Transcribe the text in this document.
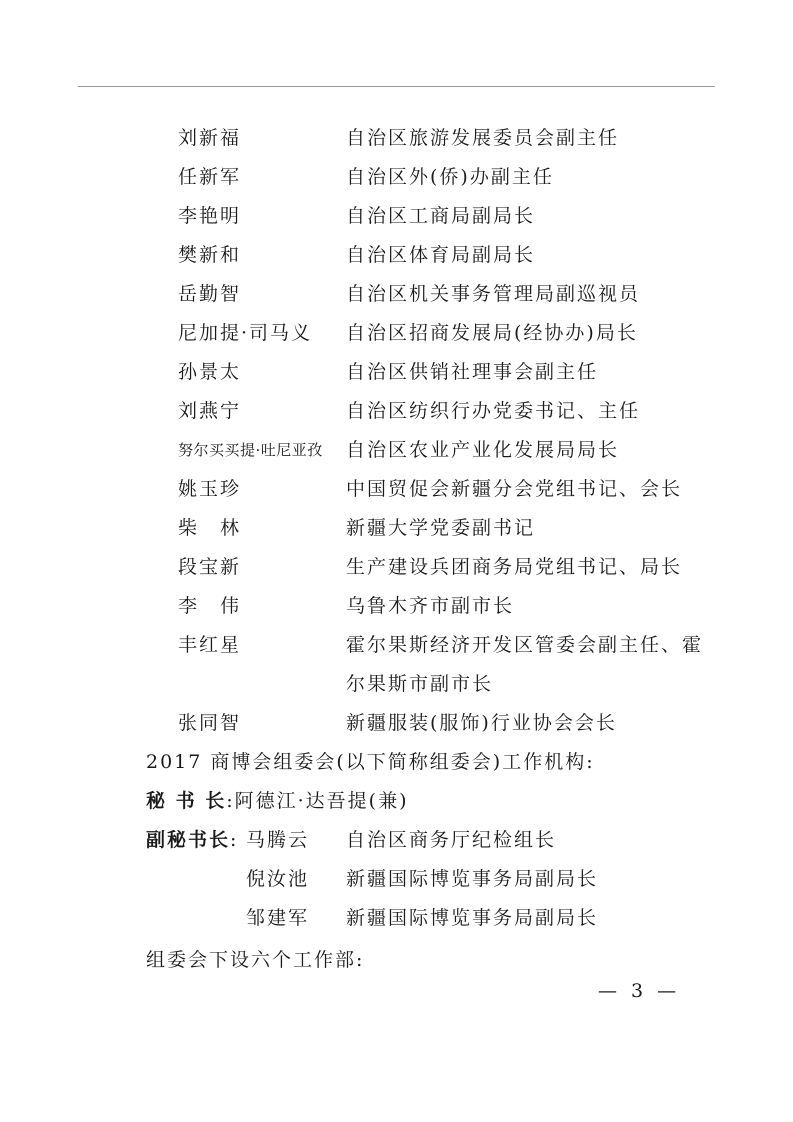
刘新福	自治区旅游发展委员会副主任
任新军	自治区外(侨)办副主任
李艳明	自治区工商局副局长
樊新和	自治区体育局副局长
岳勤智	自治区机关事务管理局副巡视员
尼加提·司马义 自治区招商发展局(经协办)局长
孙景太	自治区供销社理事会副主任
刘燕宁	自治区纺织行办党委书记、主任
努尔买买提·吐尼亚孜 自治区农业产业化发展局局长
姚玉珍	中国贸促会新疆分会党组书记、会长
柴　林	新疆大学党委副书记
段宝新	生产建设兵团商务局党组书记、局长
李　伟	乌鲁木齐市副市长
丰红星	霍尔果斯经济开发区管委会副主任、霍
尔果斯市副市长
张同智	新疆服装(服饰)行业协会会长
2017 商博会组委会(以下简称组委会)工作机构:
秘 书 长:阿德江·达吾提(兼)
副秘书长: 马腾云 自治区商务厅纪检组长
倪汝池 新疆国际博览事务局副局长
邹建军 新疆国际博览事务局副局长
组委会下设六个工作部:
— 3 —
